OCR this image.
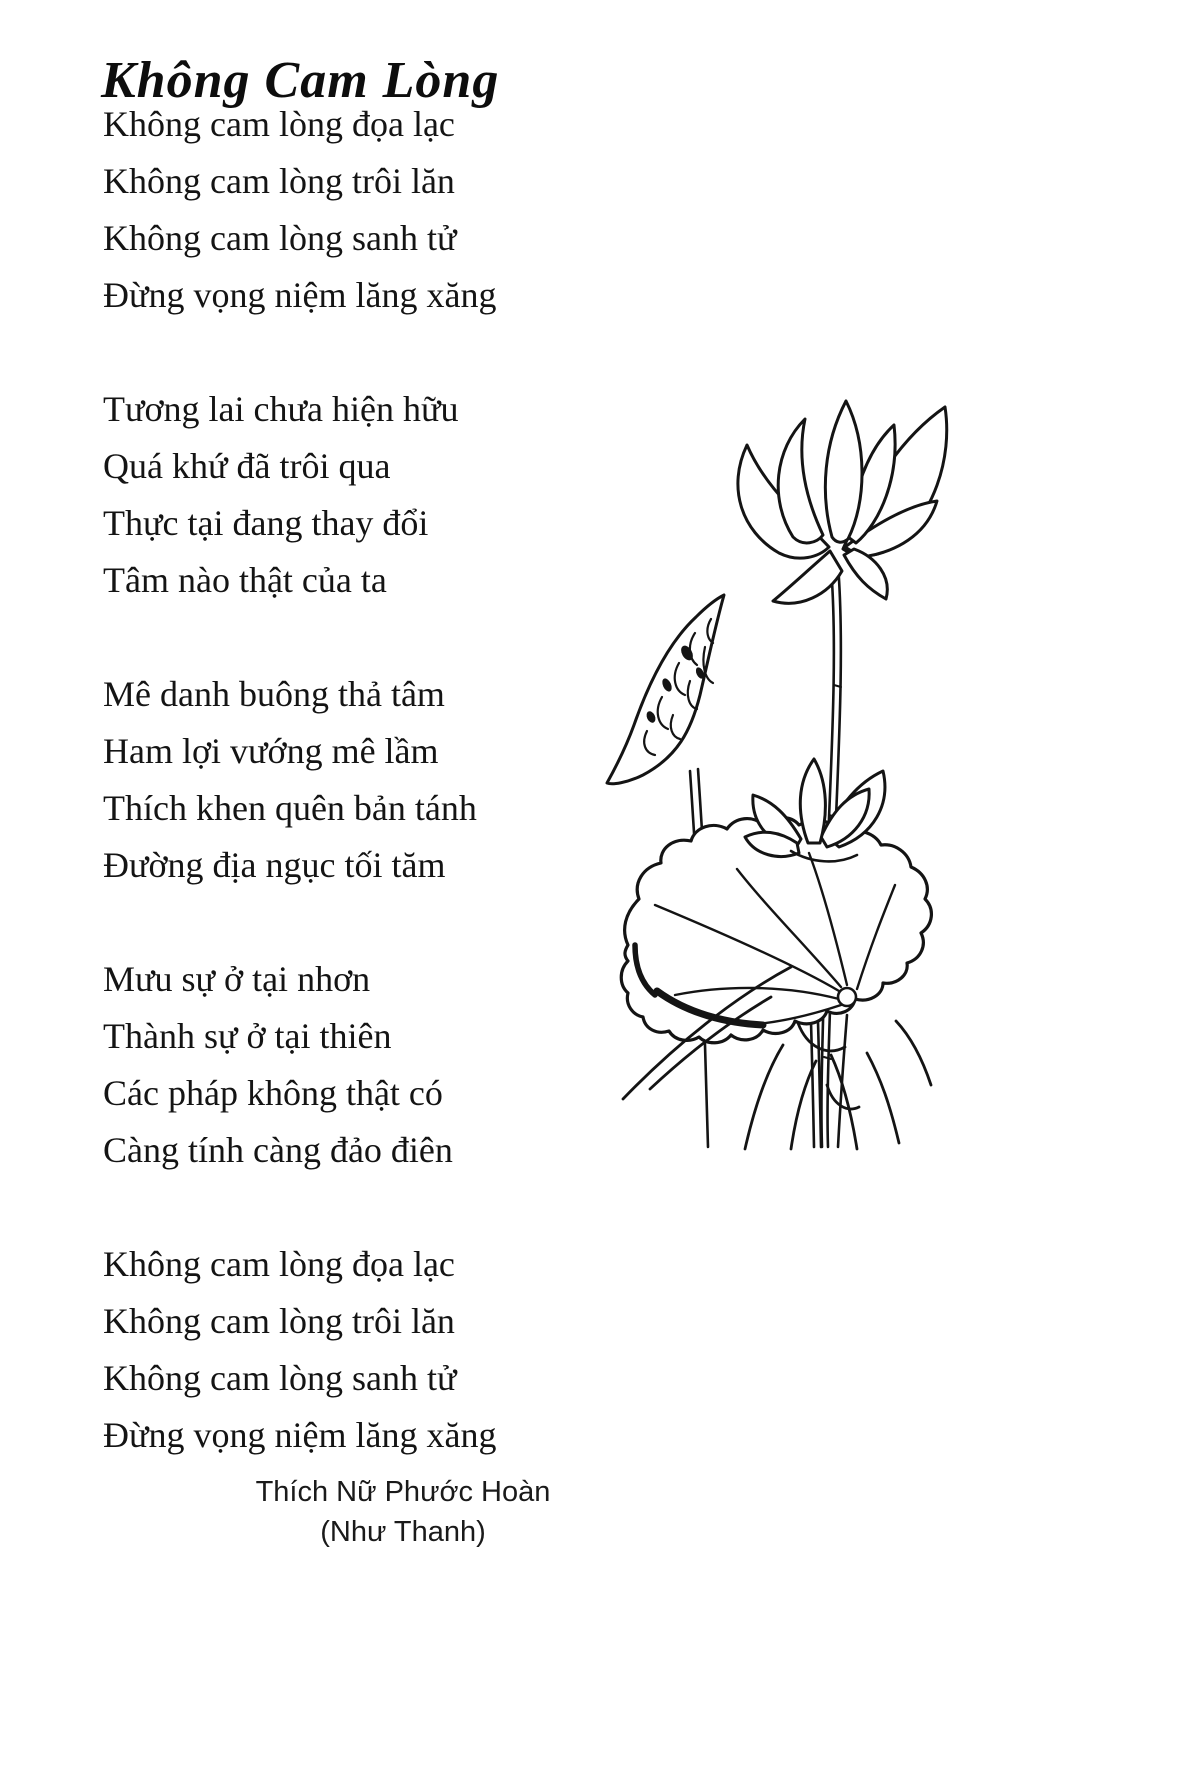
Không Cam Lòng
Không cam lòng đọa lạc
Không cam lòng trôi lăn
Không cam lòng sanh tử
Đừng vọng niệm lăng xăng
Tương lai chưa hiện hữu
Quá khứ đã trôi qua
Thực tại đang thay đổi
Tâm nào thật của ta
Mê danh buông thả tâm
Ham lợi vướng mê lầm
Thích khen quên bản tánh
Đường địa ngục tối tăm
Mưu sự ở tại nhơn
Thành sự ở tại thiên
Các pháp không thật có
Càng tính càng đảo điên
Không cam lòng đọa lạc
Không cam lòng trôi lăn
Không cam lòng sanh tử
Đừng vọng niệm lăng xăng
Thích Nữ Phước Hoàn
(Như Thanh)
